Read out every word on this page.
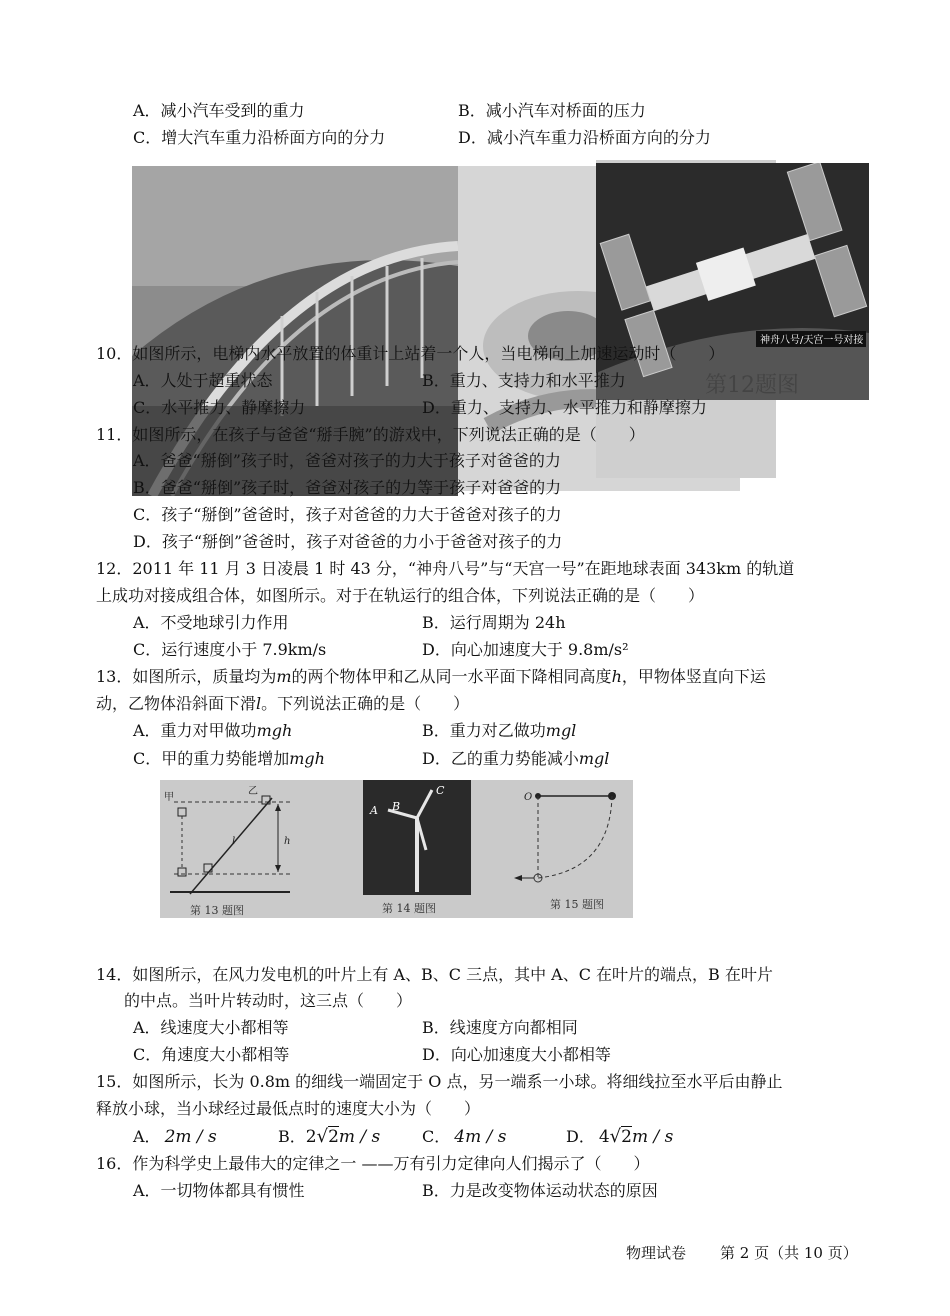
A．减小汽车受到的重力	B．减小汽车对桥面的压力
C．增大汽车重力沿桥面方向的分力	D．减小汽车重力沿桥面方向的分力
神舟八号/天宫一号对接
第12题图
10．如图所示，电梯内水平放置的体重计上站着一个人，当电梯向上加速运动时（　　）
A．人处于超重状态	B．重力、支持力和水平推力
C．水平推力、静摩擦力	D．重力、支持力、水平推力和静摩擦力
11．如图所示，在孩子与爸爸“掰手腕”的游戏中，下列说法正确的是（　　）
A．爸爸“掰倒”孩子时，爸爸对孩子的力大于孩子对爸爸的力
B．爸爸“掰倒”孩子时，爸爸对孩子的力等于孩子对爸爸的力
C．孩子“掰倒”爸爸时，孩子对爸爸的力大于爸爸对孩子的力
D．孩子“掰倒”爸爸时，孩子对爸爸的力小于爸爸对孩子的力
12．2011 年 11 月 3 日凌晨 1 时 43 分，“神舟八号”与“天宫一号”在距地球表面 343km 的轨道
上成功对接成组合体，如图所示。对于在轨运行的组合体，下列说法正确的是（　　）
A．不受地球引力作用	B．运行周期为 24h
C．运行速度小于 7.9km/s	D．向心加速度大于 9.8m/s²
13．如图所示，质量均为m的两个物体甲和乙从同一水平面下降相同高度h，甲物体竖直向下运
动，乙物体沿斜面下滑l。下列说法正确的是（　　）
A．重力对甲做功mgh	B．重力对乙做功mgl
C．甲的重力势能增加mgh	D．乙的重力势能减小mgl
甲
乙
l	h
第 13 题图
A B
C
第 14 题图
O
第 15 题图
14．如图所示，在风力发电机的叶片上有 A、B、C 三点，其中 A、C 在叶片的端点，B 在叶片
的中点。当叶片转动时，这三点（　　）
A．线速度大小都相等	B．线速度方向都相同
C．角速度大小都相等	D．向心加速度大小都相等
15．如图所示，长为 0.8m 的细线一端固定于 O 点，另一端系一小球。将细线拉至水平后由静止
释放小球，当小球经过最低点时的速度大小为（　　）
A． 2m / s	B．2√2m / s	C． 4m / s	D． 4√2m / s
16．作为科学史上最伟大的定律之一 ——万有引力定律向人们揭示了（　　）
A．一切物体都具有惯性	B．力是改变物体运动状态的原因
物理试卷 第 2 页（共 10 页）
